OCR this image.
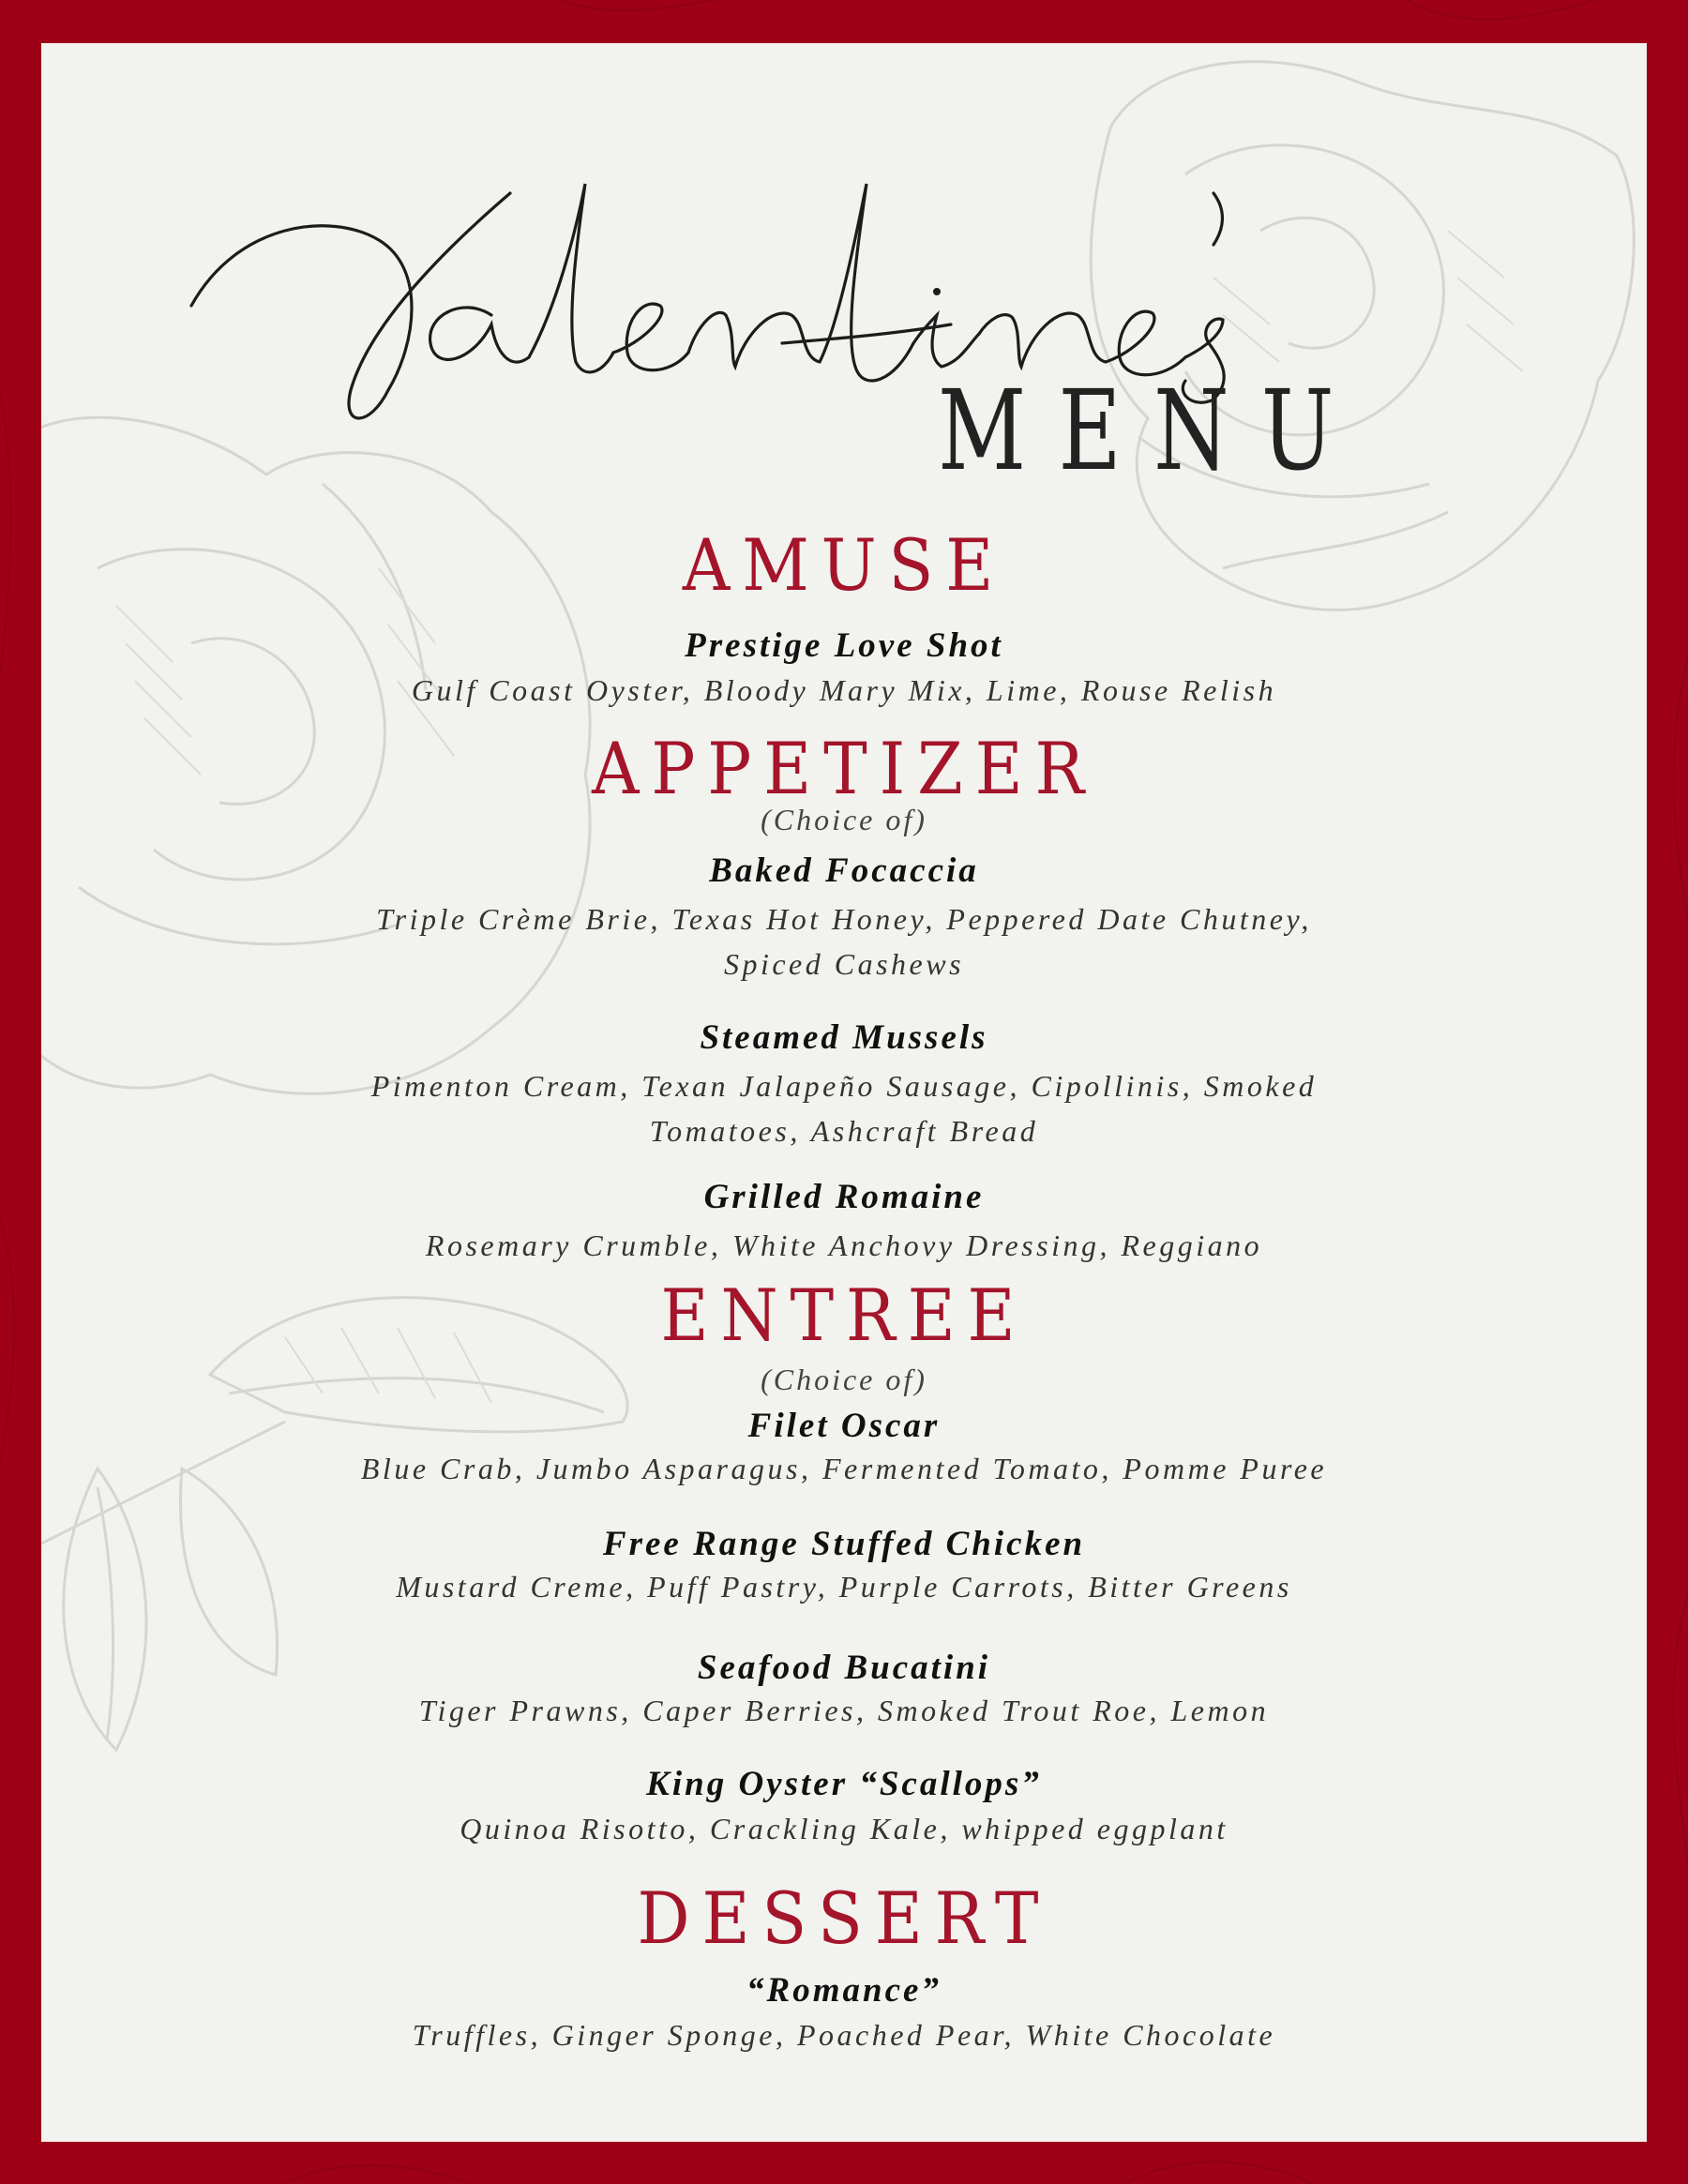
MENU
AMUSE
Prestige Love Shot
Gulf Coast Oyster, Bloody Mary Mix, Lime, Rouse Relish
APPETIZER
(Choice of)
Baked Focaccia
Triple Crème Brie, Texas Hot Honey, Peppered Date Chutney,
Spiced Cashews
Steamed Mussels
Pimenton Cream, Texan Jalapeño Sausage, Cipollinis, Smoked
Tomatoes, Ashcraft Bread
Grilled Romaine
Rosemary Crumble, White Anchovy Dressing, Reggiano
ENTREE
(Choice of)
Filet Oscar
Blue Crab, Jumbo Asparagus, Fermented Tomato, Pomme Puree
Free Range Stuffed Chicken
Mustard Creme, Puff Pastry, Purple Carrots, Bitter Greens
Seafood Bucatini
Tiger Prawns, Caper Berries, Smoked Trout Roe, Lemon
King Oyster “Scallops”
Quinoa Risotto, Crackling Kale, whipped eggplant
DESSERT
“Romance”
Truffles, Ginger Sponge, Poached Pear, White Chocolate
